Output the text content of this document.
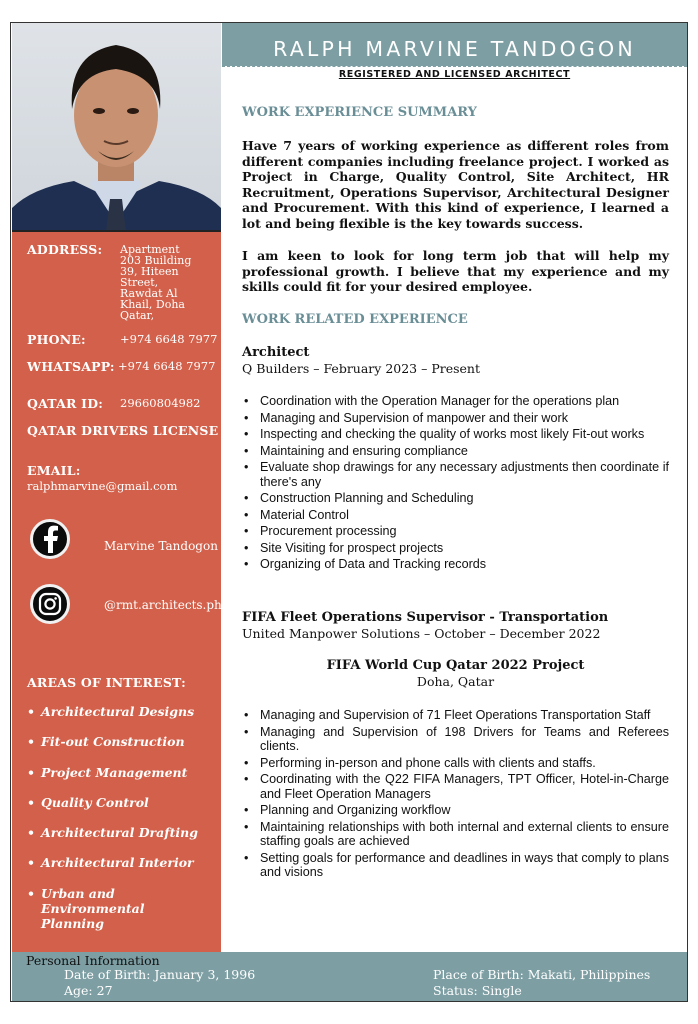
ADDRESS: Apartment
203 Building
39, Hiteen
Street,
Rawdat Al
Khail, Doha
Qatar,
PHONE:	+974 6648 7977
WHATSAPP: +974 6648 7977
QATAR ID: 29660804982
QATAR DRIVERS LICENSE
EMAIL:
ralphmarvine@gmail.com
Marvine Tandogon
@rmt.architects.ph
AREAS OF INTEREST:
• Architectural Designs
• Fit-out Construction
• Project Management
• Quality Control
• Architectural Drafting
• Architectural Interior
• Urban and Environmental Planning
RALPH MARVINE TANDOGON
REGISTERED AND LICENSED ARCHITECT
WORK EXPERIENCE SUMMARY
Have 7 years of working experience as different roles from different companies including freelance project. I worked as Project in Charge, Quality Control, Site Architect, HR Recruitment, Operations Supervisor, Architectural Designer and Procurement. With this kind of experience, I learned a lot and being flexible is the key towards success.
I am keen to look for long term job that will help my professional growth. I believe that my experience and my skills could fit for your desired employee.
WORK RELATED EXPERIENCE
Architect
Q Builders – February 2023 – Present
• Coordination with the Operation Manager for the operations plan
• Managing and Supervision of manpower and their work
• Inspecting and checking the quality of works most likely Fit-out works
• Maintaining and ensuring compliance
• Evaluate shop drawings for any necessary adjustments then coordinate if there's any
• Construction Planning and Scheduling
• Material Control
• Procurement processing
• Site Visiting for prospect projects
• Organizing of Data and Tracking records
FIFA Fleet Operations Supervisor - Transportation
United Manpower Solutions – October – December 2022
FIFA World Cup Qatar 2022 Project
Doha, Qatar
• Managing and Supervision of 71 Fleet Operations Transportation Staff
• Managing and Supervision of 198 Drivers for Teams and Referees clients.
• Performing in-person and phone calls with clients and staffs.
• Coordinating with the Q22 FIFA Managers, TPT Officer, Hotel-in-Charge and Fleet Operation Managers
• Planning and Organizing workflow
• Maintaining relationships with both internal and external clients to ensure staffing goals are achieved
• Setting goals for performance and deadlines in ways that comply to plans and visions
Personal Information
Date of Birth: January 3, 1996
Age: 27
Place of Birth: Makati, Philippines
Status: Single
